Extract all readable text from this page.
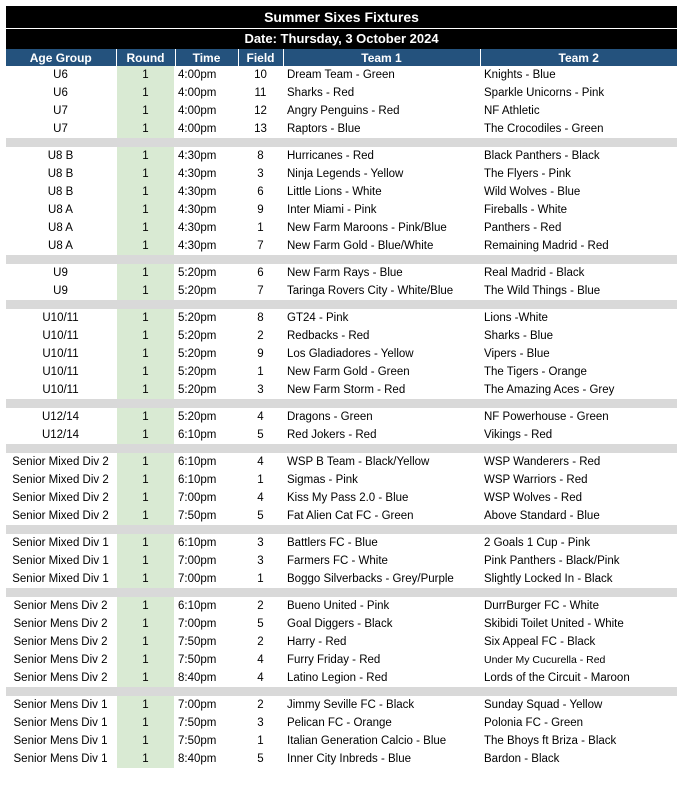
Summer Sixes Fixtures
Date: Thursday, 3 October 2024
Age Group	Round	Time	Field	Team 1	Team 2
U6	1	4:00pm	10	Dream Team - Green	Knights - Blue
U6	1	4:00pm	11	Sharks - Red	Sparkle Unicorns - Pink
U7	1	4:00pm	12	Angry Penguins - Red	NF Athletic
U7	1	4:00pm	13	Raptors - Blue	The Crocodiles - Green

U8 B	1	4:30pm	8	Hurricanes - Red	Black Panthers - Black
U8 B	1	4:30pm	3	Ninja Legends - Yellow	The Flyers - Pink
U8 B	1	4:30pm	6	Little Lions - White	Wild Wolves - Blue
U8 A	1	4:30pm	9	Inter Miami - Pink	Fireballs - White
U8 A	1	4:30pm	1	New Farm Maroons - Pink/Blue	Panthers - Red
U8 A	1	4:30pm	7	New Farm Gold - Blue/White	Remaining Madrid - Red

U9	1	5:20pm	6	New Farm Rays - Blue	Real Madrid - Black
U9	1	5:20pm	7	Taringa Rovers City - White/Blue	The Wild Things - Blue

U10/11	1	5:20pm	8	GT24 - Pink	Lions -White
U10/11	1	5:20pm	2	Redbacks - Red	Sharks - Blue
U10/11	1	5:20pm	9	Los Gladiadores - Yellow	Vipers - Blue
U10/11	1	5:20pm	1	New Farm Gold - Green	The Tigers - Orange
U10/11	1	5:20pm	3	New Farm Storm - Red	The Amazing Aces - Grey

U12/14	1	5:20pm	4	Dragons - Green	NF Powerhouse - Green
U12/14	1	6:10pm	5	Red Jokers - Red	Vikings - Red

Senior Mixed Div 2	1	6:10pm	4	WSP B Team - Black/Yellow	WSP Wanderers - Red
Senior Mixed Div 2	1	6:10pm	1	Sigmas - Pink	WSP Warriors - Red
Senior Mixed Div 2	1	7:00pm	4	Kiss My Pass 2.0 - Blue	WSP Wolves - Red
Senior Mixed Div 2	1	7:50pm	5	Fat Alien Cat FC - Green	Above Standard - Blue

Senior Mixed Div 1	1	6:10pm	3	Battlers FC - Blue	2 Goals 1 Cup - Pink
Senior Mixed Div 1	1	7:00pm	3	Farmers FC - White	Pink Panthers - Black/Pink
Senior Mixed Div 1	1	7:00pm	1	Boggo Silverbacks - Grey/Purple	Slightly Locked In - Black

Senior Mens Div 2	1	6:10pm	2	Bueno United - Pink	DurrBurger FC - White
Senior Mens Div 2	1	7:00pm	5	Goal Diggers - Black	Skibidi Toilet United - White
Senior Mens Div 2	1	7:50pm	2	Harry - Red	Six Appeal FC - Black
Senior Mens Div 2	1	7:50pm	4	Furry Friday - Red	Under My Cucurella - Red
Senior Mens Div 2	1	8:40pm	4	Latino Legion - Red	Lords of the Circuit - Maroon

Senior Mens Div 1	1	7:00pm	2	Jimmy Seville FC - Black	Sunday Squad - Yellow
Senior Mens Div 1	1	7:50pm	3	Pelican FC - Orange	Polonia FC - Green
Senior Mens Div 1	1	7:50pm	1	Italian Generation Calcio - Blue	The Bhoys ft Briza - Black
Senior Mens Div 1	1	8:40pm	5	Inner City Inbreds - Blue	Bardon - Black
